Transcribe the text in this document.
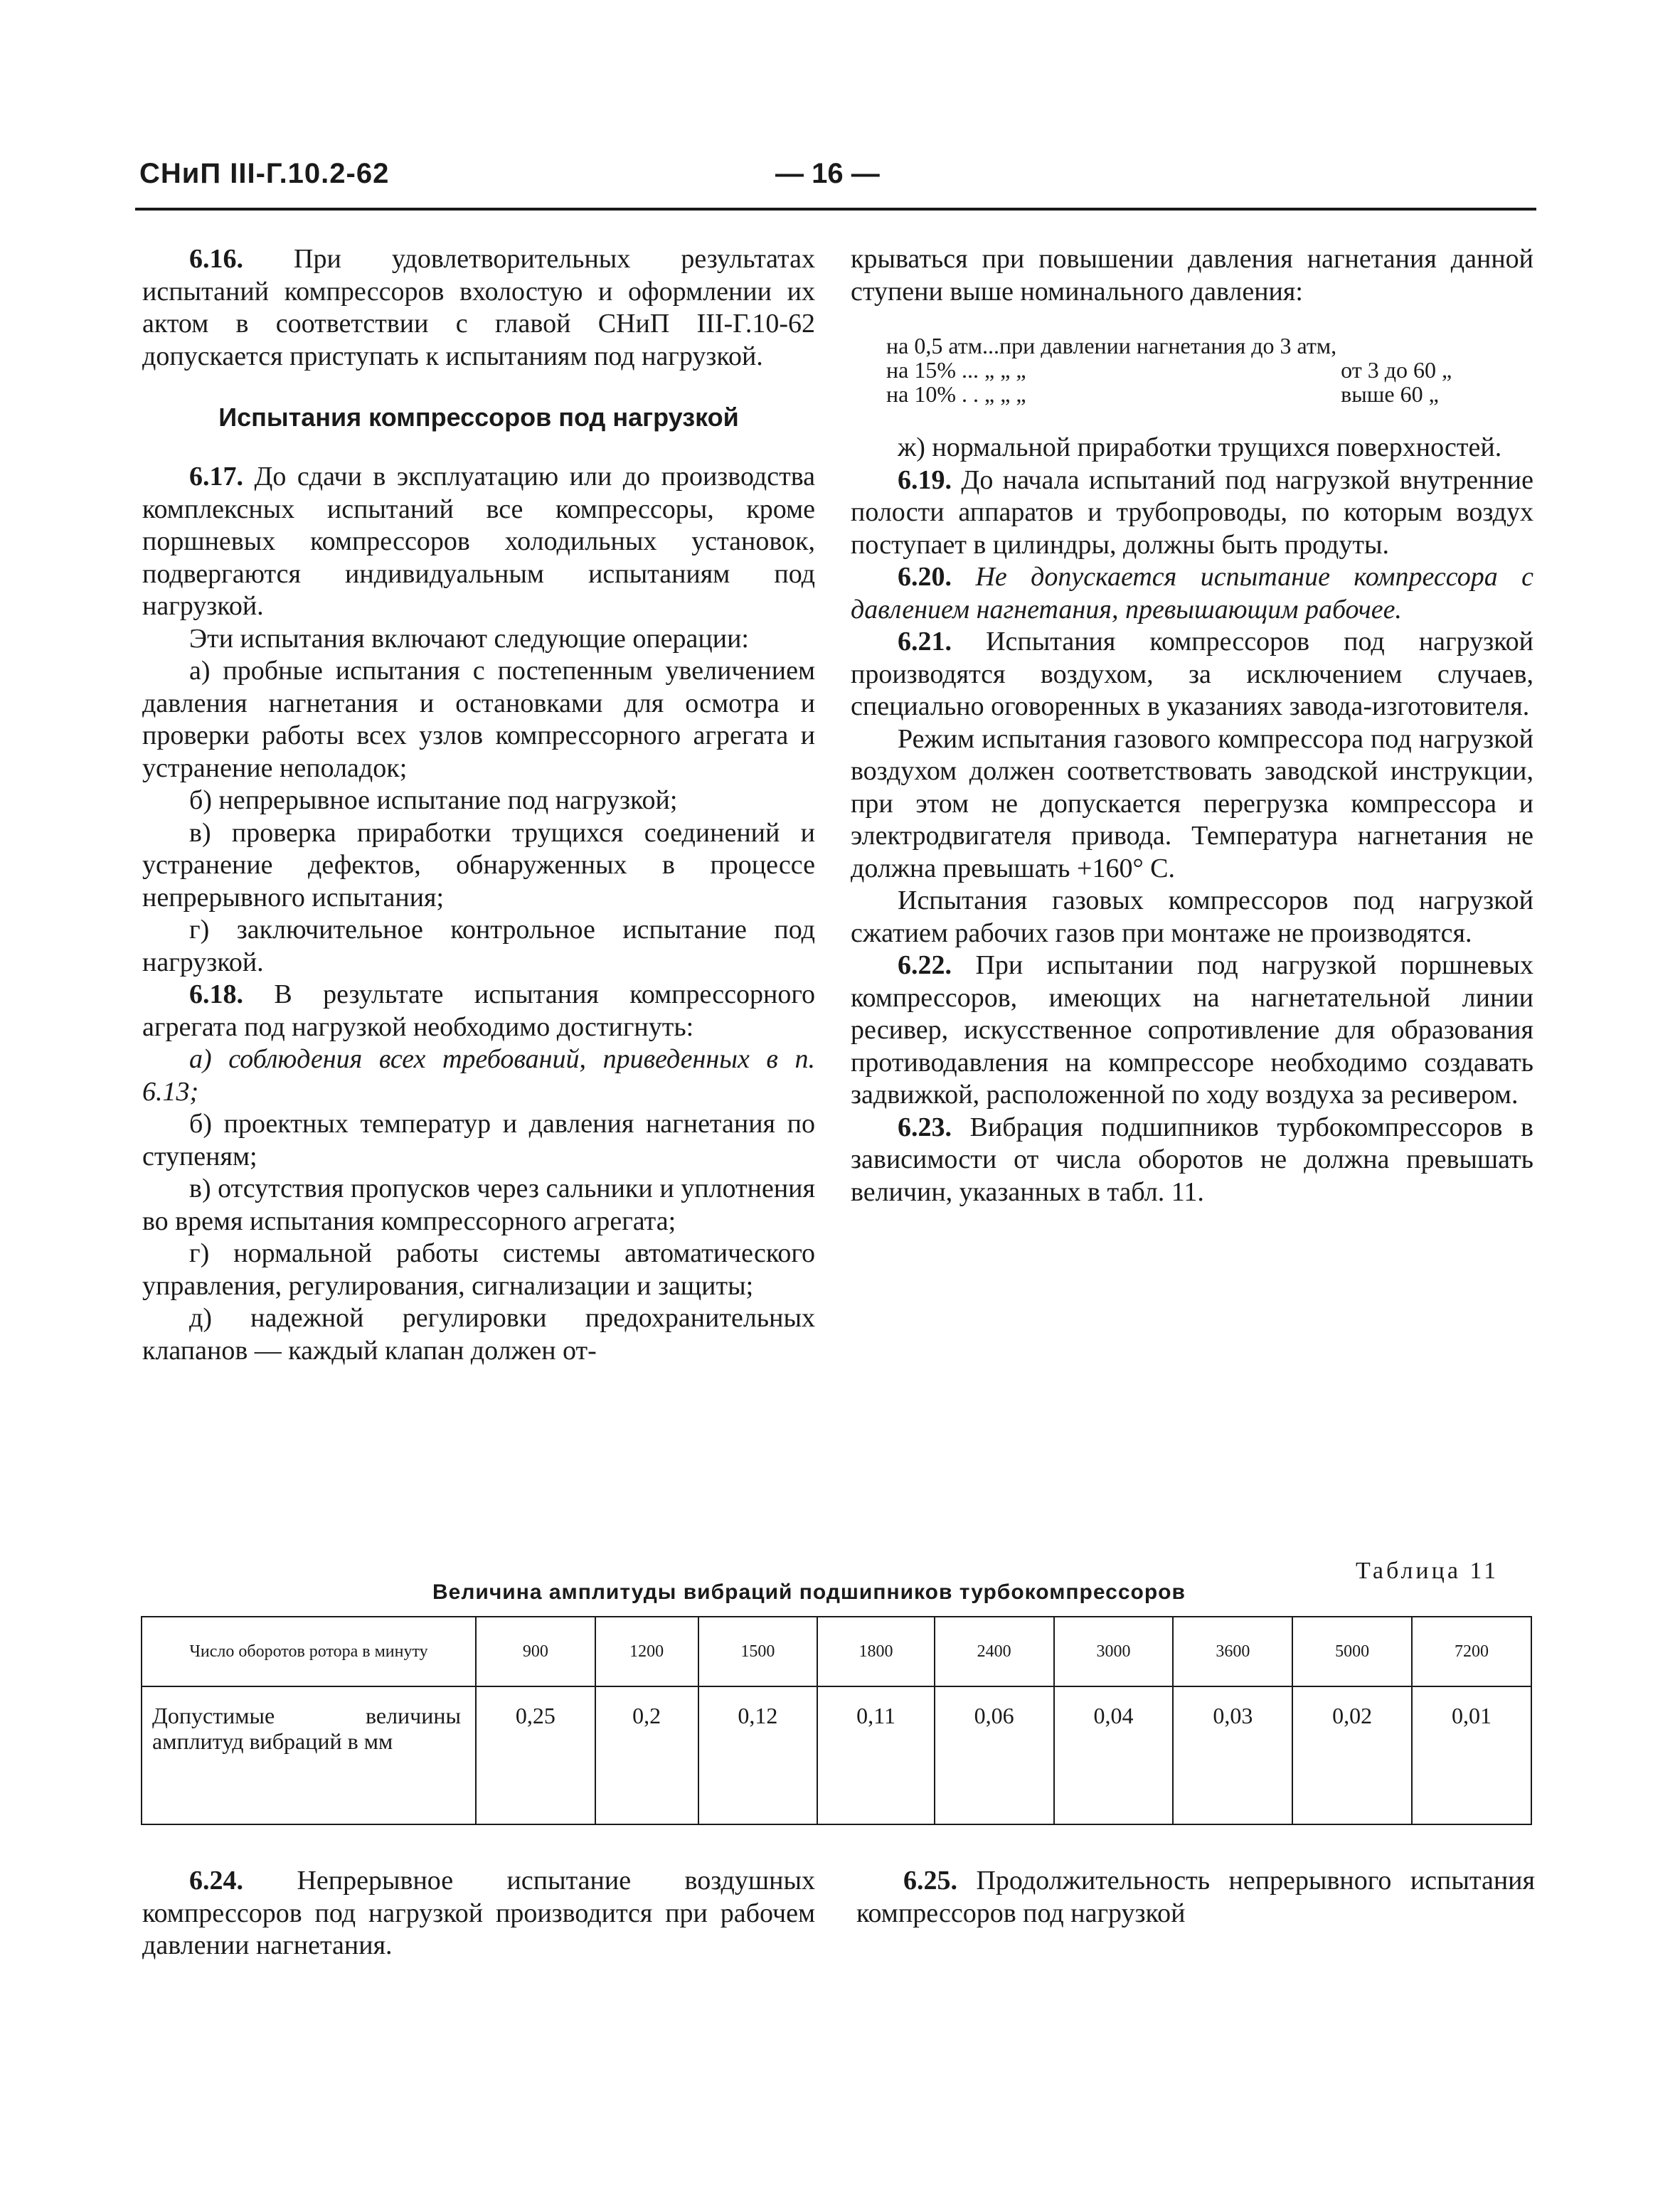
СНиП III-Г.10.2-62	— 16 —

6.16. При удовлетворительных результатах испытаний компрессоров вхолостую и оформлении их актом в соответствии с главой СНиП III-Г.10-62 допускается приступать к испытаниям под нагрузкой.

Испытания компрессоров под нагрузкой

6.17. До сдачи в эксплуатацию или до производства комплексных испытаний все компрессоры, кроме поршневых компрессоров холодильных установок, подвергаются индивидуальным испытаниям под нагрузкой.

Эти испытания включают следующие операции:

а) пробные испытания с постепенным увеличением давления нагнетания и остановками для осмотра и проверки работы всех узлов компрессорного агрегата и устранение неполадок;

б) непрерывное испытание под нагрузкой;

в) проверка приработки трущихся соединений и устранение дефектов, обнаруженных в процессе непрерывного испытания;

г) заключительное контрольное испытание под нагрузкой.

6.18. В результате испытания компрессорного агрегата под нагрузкой необходимо достигнуть:

а) соблюдения всех требований, приведенных в п. 6.13;

б) проектных температур и давления нагнетания по ступеням;

в) отсутствия пропусков через сальники и уплотнения во время испытания компрессорного агрегата;

г) нормальной работы системы автоматического управления, регулирования, сигнализации и защиты;

д) надежной регулировки предохранительных клапанов — каждый клапан должен от-

крываться при повышении давления нагнетания данной ступени выше номинального давления:

на 0,5 атм...при давлении нагнетания до 3 атм,	
на 15% ... „ „ „	от 3 до 60 „
на 10% . . „ „ „	выше 60 „

ж) нормальной приработки трущихся поверхностей.

6.19. До начала испытаний под нагрузкой внутренние полости аппаратов и трубопроводы, по которым воздух поступает в цилиндры, должны быть продуты.

6.20. Не допускается испытание компрессора с давлением нагнетания, превышающим рабочее.

6.21. Испытания компрессоров под нагрузкой производятся воздухом, за исключением случаев, специально оговоренных в указаниях завода-изготовителя.

Режим испытания газового компрессора под нагрузкой воздухом должен соответствовать заводской инструкции, при этом не допускается перегрузка компрессора и электродвигателя привода. Температура нагнетания не должна превышать +160° С.

Испытания газовых компрессоров под нагрузкой сжатием рабочих газов при монтаже не производятся.

6.22. При испытании под нагрузкой поршневых компрессоров, имеющих на нагнетательной линии ресивер, искусственное сопротивление для образования противодавления на компрессоре необходимо создавать задвижкой, расположенной по ходу воздуха за ресивером.

6.23. Вибрация подшипников турбокомпрессоров в зависимости от числа оборотов не должна превышать величин, указанных в табл. 11.

Таблица 11
Величина амплитуды вибраций подшипников турбокомпрессоров
Число оборотов ротора в минуту	900	1200	1500	1800	2400	3000	3600	5000	7200
Допустимые величины амплитуд вибраций в мм	0,25	0,2	0,12	0,11	0,06	0,04	0,03	0,02	0,01

6.24. Непрерывное испытание воздушных компрессоров под нагрузкой производится при рабочем давлении нагнетания.

6.25. Продолжительность непрерывного испытания компрессоров под нагрузкой
